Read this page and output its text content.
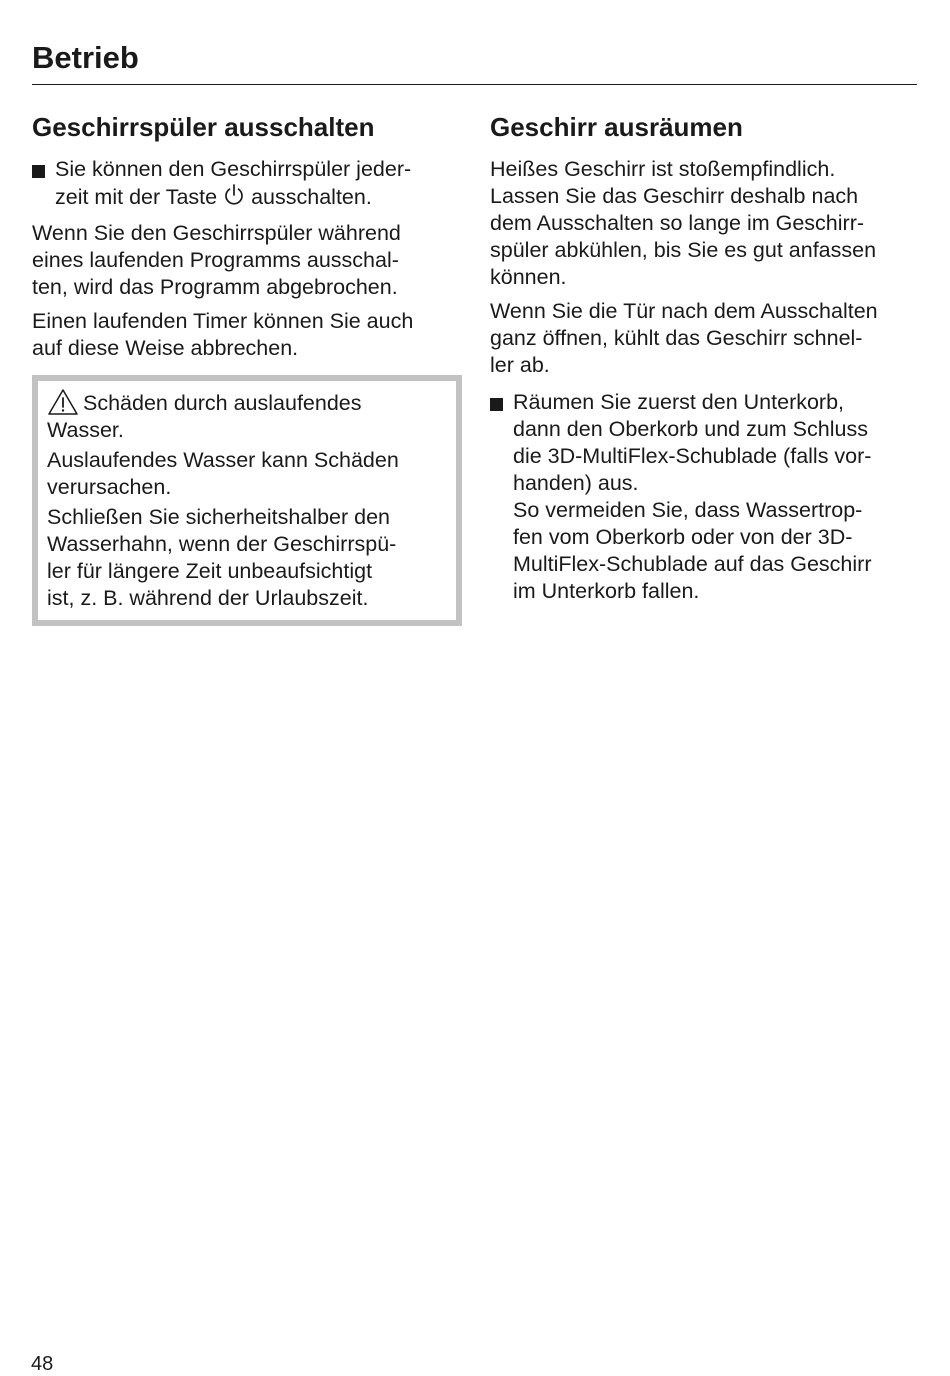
Betrieb
Geschirrspüler ausschalten

Sie können den Geschirrspüler jeder-
zeit mit der Taste ausschalten.

Wenn Sie den Geschirrspüler während
eines laufenden Programms ausschal-
ten, wird das Programm abgebrochen.

Einen laufenden Timer können Sie auch
auf diese Weise abbrechen.

Schäden durch auslaufendes
Wasser.

Auslaufendes Wasser kann Schäden
verursachen.

Schließen Sie sicherheitshalber den
Wasserhahn, wenn der Geschirrspü-
ler für längere Zeit unbeaufsichtigt
ist, z. B. während der Urlaubszeit.

Geschirr ausräumen

Heißes Geschirr ist stoßempfindlich.
Lassen Sie das Geschirr deshalb nach
dem Ausschalten so lange im Geschirr-
spüler abkühlen, bis Sie es gut anfassen
können.

Wenn Sie die Tür nach dem Ausschalten
ganz öffnen, kühlt das Geschirr schnel-
ler ab.

Räumen Sie zuerst den Unterkorb,
dann den Oberkorb und zum Schluss
die 3D-MultiFlex-Schublade (falls vor-
handen) aus.
So vermeiden Sie, dass Wassertrop-
fen vom Oberkorb oder von der 3D-
MultiFlex-Schublade auf das Geschirr
im Unterkorb fallen.

48
